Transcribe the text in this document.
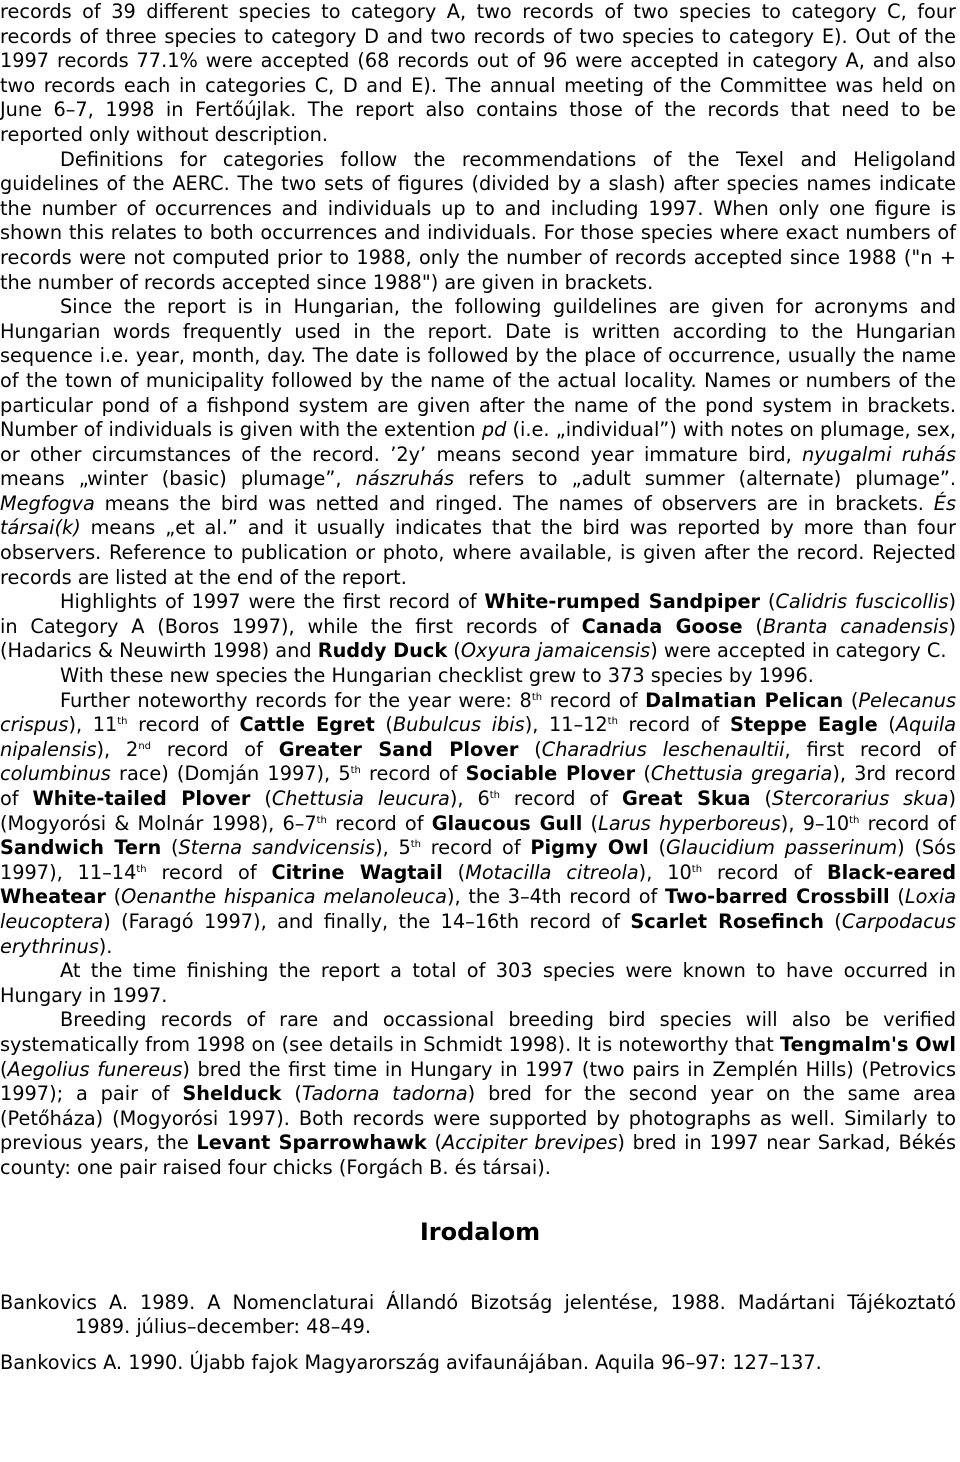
records of 39 different species to category A, two records of two species to category C, four records of three species to category D and two records of two species to category E). Out of the 1997 records 77.1% were accepted (68 records out of 96 were accepted in category A, and also two records each in categories C, D and E). The annual meeting of the Committee was held on June 6–7, 1998 in Fertőújlak. The report also contains those of the records that need to be reported only without description.

Definitions for categories follow the recommendations of the Texel and Heligoland guidelines of the AERC. The two sets of figures (divided by a slash) after species names indicate the number of occurrences and individuals up to and including 1997. When only one figure is shown this relates to both occurrences and individuals. For those species where exact numbers of records were not computed prior to 1988, only the number of records accepted since 1988 ("n + the number of records accepted since 1988") are given in brackets.

Since the report is in Hungarian, the following guildelines are given for acronyms and Hungarian words frequently used in the report. Date is written according to the Hungarian sequence i.e. year, month, day. The date is followed by the place of occurrence, usually the name of the town of municipality followed by the name of the actual locality. Names or numbers of the particular pond of a fishpond system are given after the name of the pond system in brackets. Number of individuals is given with the extention pd (i.e. „individual”) with notes on plumage, sex, or other circumstances of the record. ’2y’ means second year immature bird, nyugalmi ruhás means „winter (basic) plumage”, nászruhás refers to „adult summer (alternate) plumage”. Megfogva means the bird was netted and ringed. The names of observers are in brackets. És társai(k) means „et al.” and it usually indicates that the bird was reported by more than four observers. Reference to publication or photo, where available, is given after the record. Rejected records are listed at the end of the report.

Highlights of 1997 were the first record of White-rumped Sandpiper (Calidris fuscicollis) in Category A (Boros 1997), while the first records of Canada Goose (Branta canadensis) (Hadarics & Neuwirth 1998) and Ruddy Duck (Oxyura jamaicensis) were accepted in category C.

With these new species the Hungarian checklist grew to 373 species by 1996.

Further noteworthy records for the year were: 8th record of Dalmatian Pelican (Pelecanus crispus), 11th record of Cattle Egret (Bubulcus ibis), 11–12th record of Steppe Eagle (Aquila nipalensis), 2nd record of Greater Sand Plover (Charadrius leschenaultii, first record of columbinus race) (Domján 1997), 5th record of Sociable Plover (Chettusia gregaria), 3rd record of White-tailed Plover (Chettusia leucura), 6th record of Great Skua (Stercorarius skua) (Mogyorósi & Molnár 1998), 6–7th record of Glaucous Gull (Larus hyperboreus), 9–10th record of Sandwich Tern (Sterna sandvicensis), 5th record of Pigmy Owl (Glaucidium passerinum) (Sós 1997), 11–14th record of Citrine Wagtail (Motacilla citreola), 10th record of Black-eared Wheatear (Oenanthe hispanica melanoleuca), the 3–4th record of Two-barred Crossbill (Loxia leucoptera) (Faragó 1997), and finally, the 14–16th record of Scarlet Rosefinch (Carpodacus erythrinus).

At the time finishing the report a total of 303 species were known to have occurred in Hungary in 1997.

Breeding records of rare and occassional breeding bird species will also be verified systematically from 1998 on (see details in Schmidt 1998). It is noteworthy that Tengmalm's Owl (Aegolius funereus) bred the first time in Hungary in 1997 (two pairs in Zemplén Hills) (Petrovics 1997); a pair of Shelduck (Tadorna tadorna) bred for the second year on the same area (Petőháza) (Mogyorósi 1997). Both records were supported by photographs as well. Similarly to previous years, the Levant Sparrowhawk (Accipiter brevipes) bred in 1997 near Sarkad, Békés county: one pair raised four chicks (Forgách B. és társai).

Irodalom
Bankovics A. 1989. A Nomenclaturai Állandó Bizotság jelentése, 1988. Madártani Tájékoztató 1989. július–december: 48–49.
Bankovics A. 1990. Újabb fajok Magyarország avifaunájában. Aquila 96–97: 127–137.
